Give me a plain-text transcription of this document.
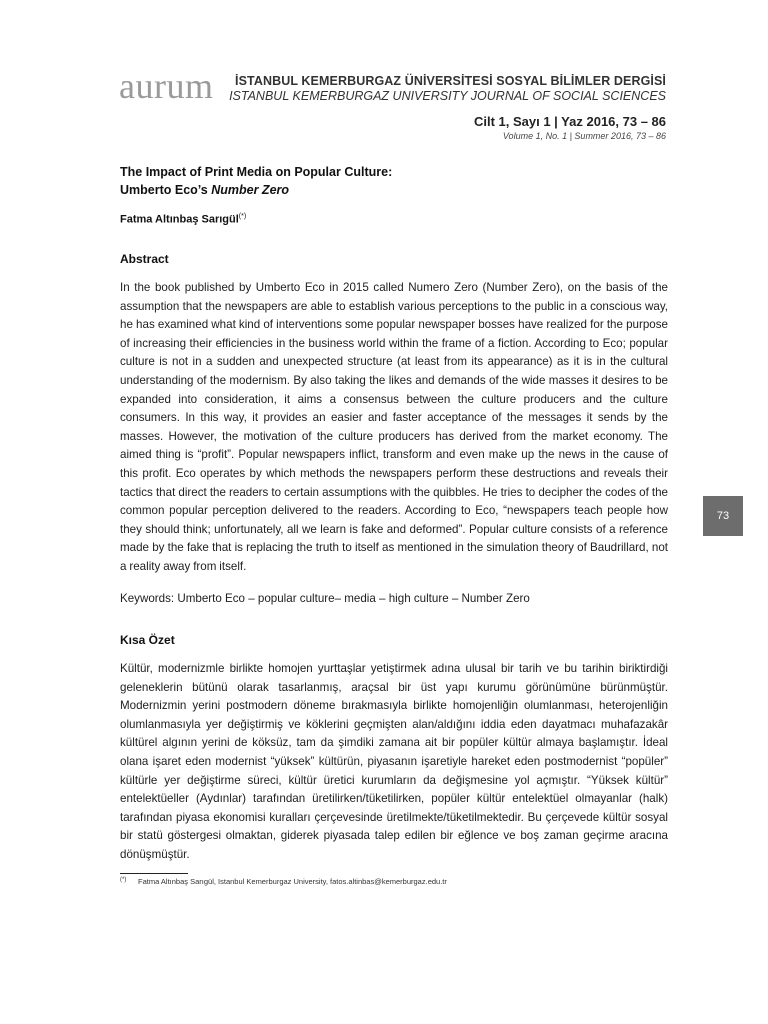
aurum	İSTANBUL KEMERBURGAZ ÜNİVERSİTESİ SOSYAL BİLİMLER DERGİSİ
ISTANBUL KEMERBURGAZ UNIVERSITY JOURNAL OF SOCIAL SCIENCES
Cilt 1, Sayı 1 | Yaz 2016, 73 – 86
Volume 1, No. 1 | Summer 2016, 73 – 86
The Impact of Print Media on Popular Culture:
Umberto Eco’s Number Zero
Fatma Altınbaş Sarıgül(*)
Abstract
In the book published by Umberto Eco in 2015 called Numero Zero (Number Zero), on the basis of the assumption that the newspapers are able to establish various perceptions to the public in a conscious way, he has examined what kind of interventions some popular newspaper bosses have realized for the purpose of increasing their efficiencies in the business world within the frame of a fiction. According to Eco; popular culture is not in a sudden and unexpected structure (at least from its appearance) as it is in the cultural understanding of the modernism. By also taking the likes and demands of the wide masses it desires to be expanded into consideration, it aims a consensus between the culture producers and the culture consumers. In this way, it provides an easier and faster acceptance of the messages it sends by the masses. However, the motivation of the culture producers has derived from the market economy. The aimed thing is “profit”. Popular newspapers inflict, transform and even make up the news in the cause of this profit. Eco operates by which methods the newspapers perform these destructions and reveals their tactics that direct the readers to certain assumptions with the quibbles. He tries to decipher the codes of the common popular perception delivered to the readers. According to Eco, “newspapers teach people how they should think; unfortunately, all we learn is fake and deformed”. Popular culture consists of a reference made by the fake that is replacing the truth to itself as mentioned in the simulation theory of Baudrillard, not a reality away from itself.
Keywords: Umberto Eco – popular culture– media – high culture – Number Zero
Kısa Özet
Kültür, modernizmle birlikte homojen yurttaşlar yetiştirmek adına ulusal bir tarih ve bu tarihin biriktirdiği geleneklerin bütünü olarak tasarlanmış, araçsal bir üst yapı kurumu görünümüne bürünmüştür. Modernizmin yerini postmodern döneme bırakmasıyla birlikte homojenliğin olumlanması, heterojenliğin olumlanmasıyla yer değiştirmiş ve köklerini geçmişten alan/aldığını iddia eden dayatmacı muhafazakâr kültürel algının yerini de köksüz, tam da şimdiki zamana ait bir popüler kültür almaya başlamıştır. İdeal olana işaret eden modernist “yüksek” kültürün, piyasanın işaretiyle hareket eden postmodernist “popüler” kültürle yer değiştirme süreci, kültür üretici kurumların da değişmesine yol açmıştır. “Yüksek kültür” entelektüeller (Aydınlar) tarafından üretilirken/tüketilirken, popüler kültür entelektüel olmayanlar (halk) tarafından piyasa ekonomisi kuralları çerçevesinde üretilmekte/tüketilmektedir. Bu çerçevede kültür sosyal bir statü göstergesi olmaktan, giderek piyasada talep edilen bir eğlence ve boş zaman geçirme aracına dönüşmüştür.
(*) Fatma Altınbaş Sarıgül, Istanbul Kemerburgaz University, fatos.altinbas@kemerburgaz.edu.tr
73
